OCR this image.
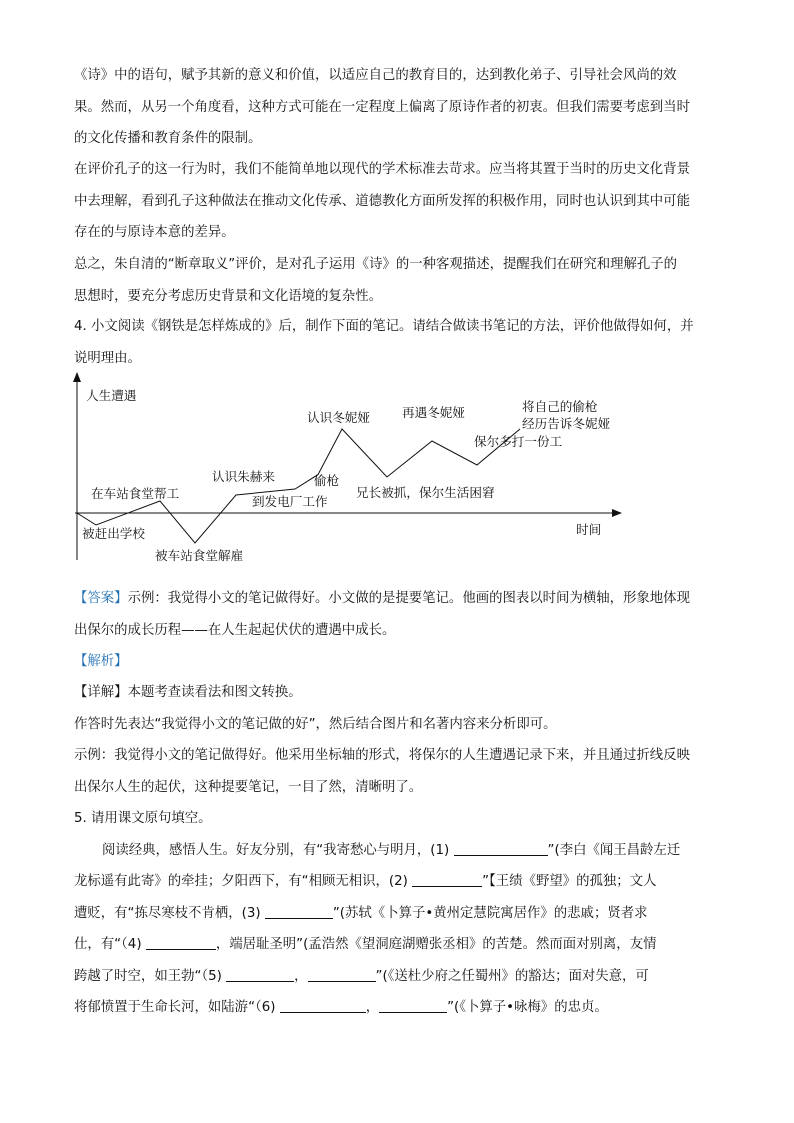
《诗》中的语句，赋予其新的意义和价值，以适应自己的教育目的，达到教化弟子、引导社会风尚的效
果。然而，从另一个角度看，这种方式可能在一定程度上偏离了原诗作者的初衷。但我们需要考虑到当时
的文化传播和教育条件的限制。
在评价孔子的这一行为时，我们不能简单地以现代的学术标准去苛求。应当将其置于当时的历史文化背景
中去理解，看到孔子这种做法在推动文化传承、道德教化方面所发挥的积极作用，同时也认识到其中可能
存在的与原诗本意的差异。
总之，朱自清的“断章取义”评价，是对孔子运用《诗》的一种客观描述，提醒我们在研究和理解孔子的
思想时，要充分考虑历史背景和文化语境的复杂性。
4. 小文阅读《钢铁是怎样炼成的》后，制作下面的笔记。请结合做读书笔记的方法，评价他做得如何，并
说明理由。
人生遭遇
时间
被赶出学校
在车站食堂帮工
被车站食堂解雇
认识朱赫来
到发电厂工作
偷枪
认识冬妮娅
兄长被抓，保尔生活困窘
再遇冬妮娅
保尔多打一份工
将自己的偷枪
经历告诉冬妮娅
【答案】示例：我觉得小文的笔记做得好。小文做的是提要笔记。他画的图表以时间为横轴，形象地体现
出保尔的成长历程——在人生起起伏伏的遭遇中成长。
【解析】
【详解】本题考查读看法和图文转换。
作答时先表达“我觉得小文的笔记做的好”，然后结合图片和名著内容来分析即可。
示例：我觉得小文的笔记做得好。他采用坐标轴的形式，将保尔的人生遭遇记录下来，并且通过折线反映
出保尔人生的起伏，这种提要笔记，一目了然，清晰明了。
5. 请用课文原句填空。
阅读经典，感悟人生。好友分别，有“我寄愁心与明月，(1)	”(李白《闻王昌龄左迁
龙标遥有此寄》的牵挂；夕阳西下，有“相顾无相识，(2)	”【王绩《野望》的孤独；文人
遭贬，有“拣尽寒枝不肯栖，(3)	”(苏轼《卜算子•黄州定慧院寓居作》的悲戚；贤者求
仕，有“（4)	，端居耻圣明”(孟浩然《望洞庭湖赠张丞相》的苦楚。然而面对别离，友情
跨越了时空，如王勃“（5)	，	”(《送杜少府之任蜀州》的豁达；面对失意，可
将郁愤置于生命长河，如陆游“（6)	，	”(《卜算子•咏梅》的忠贞。
